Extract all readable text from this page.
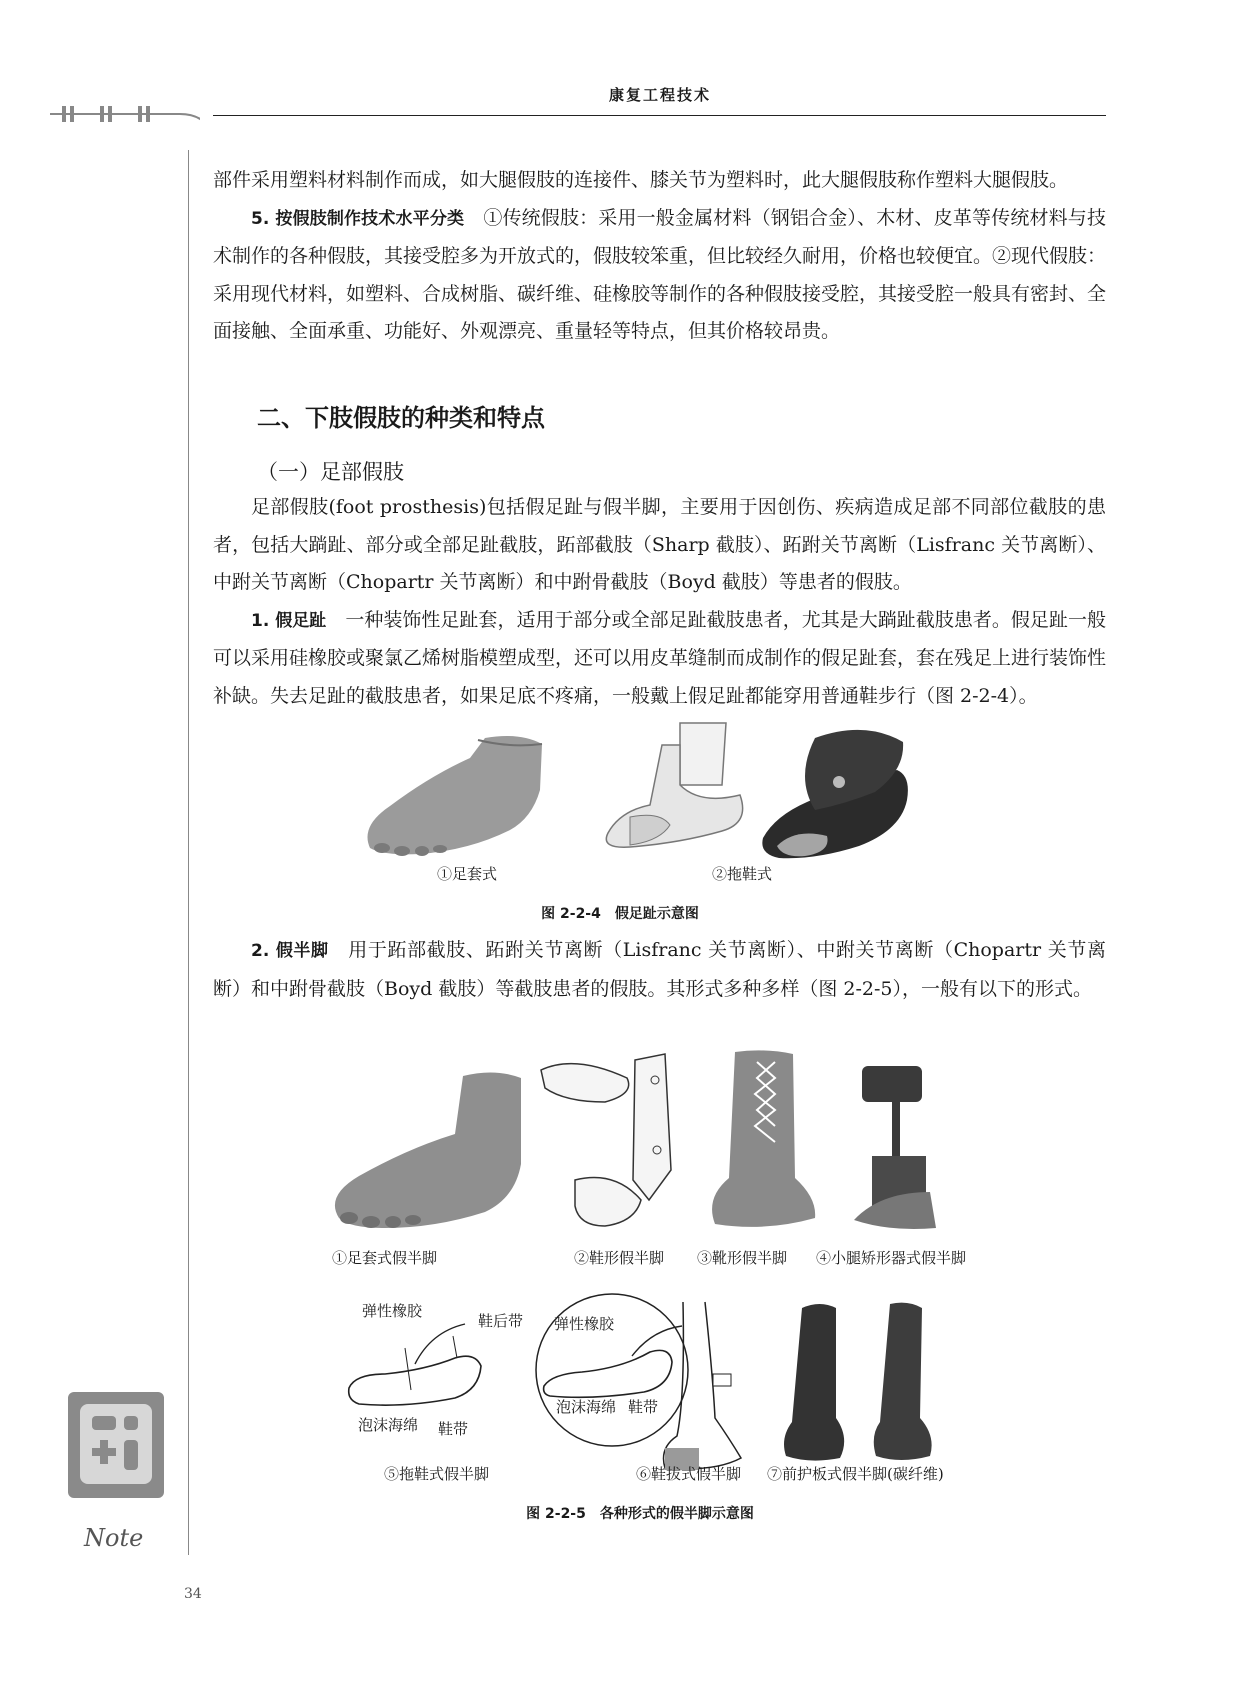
Note
康复工程技术

部件采用塑料材料制作而成，如大腿假肢的连接件、膝关节为塑料时，此大腿假肢称作塑料大腿假肢。

5. 按假肢制作技术水平分类　 ①传统假肢：采用一般金属材料（钢铝合金）、木材、皮革等传统材料与技术制作的各种假肢，其接受腔多为开放式的，假肢较笨重，但比较经久耐用，价格也较便宜。②现代假肢：采用现代材料，如塑料、合成树脂、碳纤维、硅橡胶等制作的各种假肢接受腔，其接受腔一般具有密封、全面接触、全面承重、功能好、外观漂亮、重量轻等特点，但其价格较昂贵。

二、下肢假肢的种类和特点
（一）足部假肢

足部假肢(foot prosthesis)包括假足趾与假半脚，主要用于因创伤、疾病造成足部不同部位截肢的患者，包括大䠀趾、部分或全部足趾截肢，跖部截肢（Sharp 截肢）、跖跗关节离断（Lisfranc 关节离断）、中跗关节离断（Chopartr 关节离断）和中跗骨截肢（Boyd 截肢）等患者的假肢。

1. 假足趾　 一种装饰性足趾套，适用于部分或全部足趾截肢患者，尤其是大䠀趾截肢患者。假足趾一般可以采用硅橡胶或聚氯乙烯树脂模塑成型，还可以用皮革缝制而成制作的假足趾套，套在残足上进行装饰性补缺。失去足趾的截肢患者，如果足底不疼痛，一般戴上假足趾都能穿用普通鞋步行（图 2-2-4）。

①足套式	②拖鞋式
图 2-2-4　假足趾示意图

2. 假半脚　 用于跖部截肢、跖跗关节离断（Lisfranc 关节离断）、中跗关节离断（Chopartr 关节离断）和中跗骨截肢（Boyd 截肢）等截肢患者的假肢。其形式多种多样（图 2-2-5），一般有以下的形式。

①足套式假半脚	②鞋形假半脚 ③靴形假半脚 ④小腿矫形器式假半脚
弹性橡胶
鞋后带
泡沫海绵 鞋带
弹性橡胶
泡沫海绵 鞋带
⑤拖鞋式假半脚	⑥鞋拔式假半脚 ⑦前护板式假半脚(碳纤维)
图 2-2-5　各种形式的假半脚示意图
34
